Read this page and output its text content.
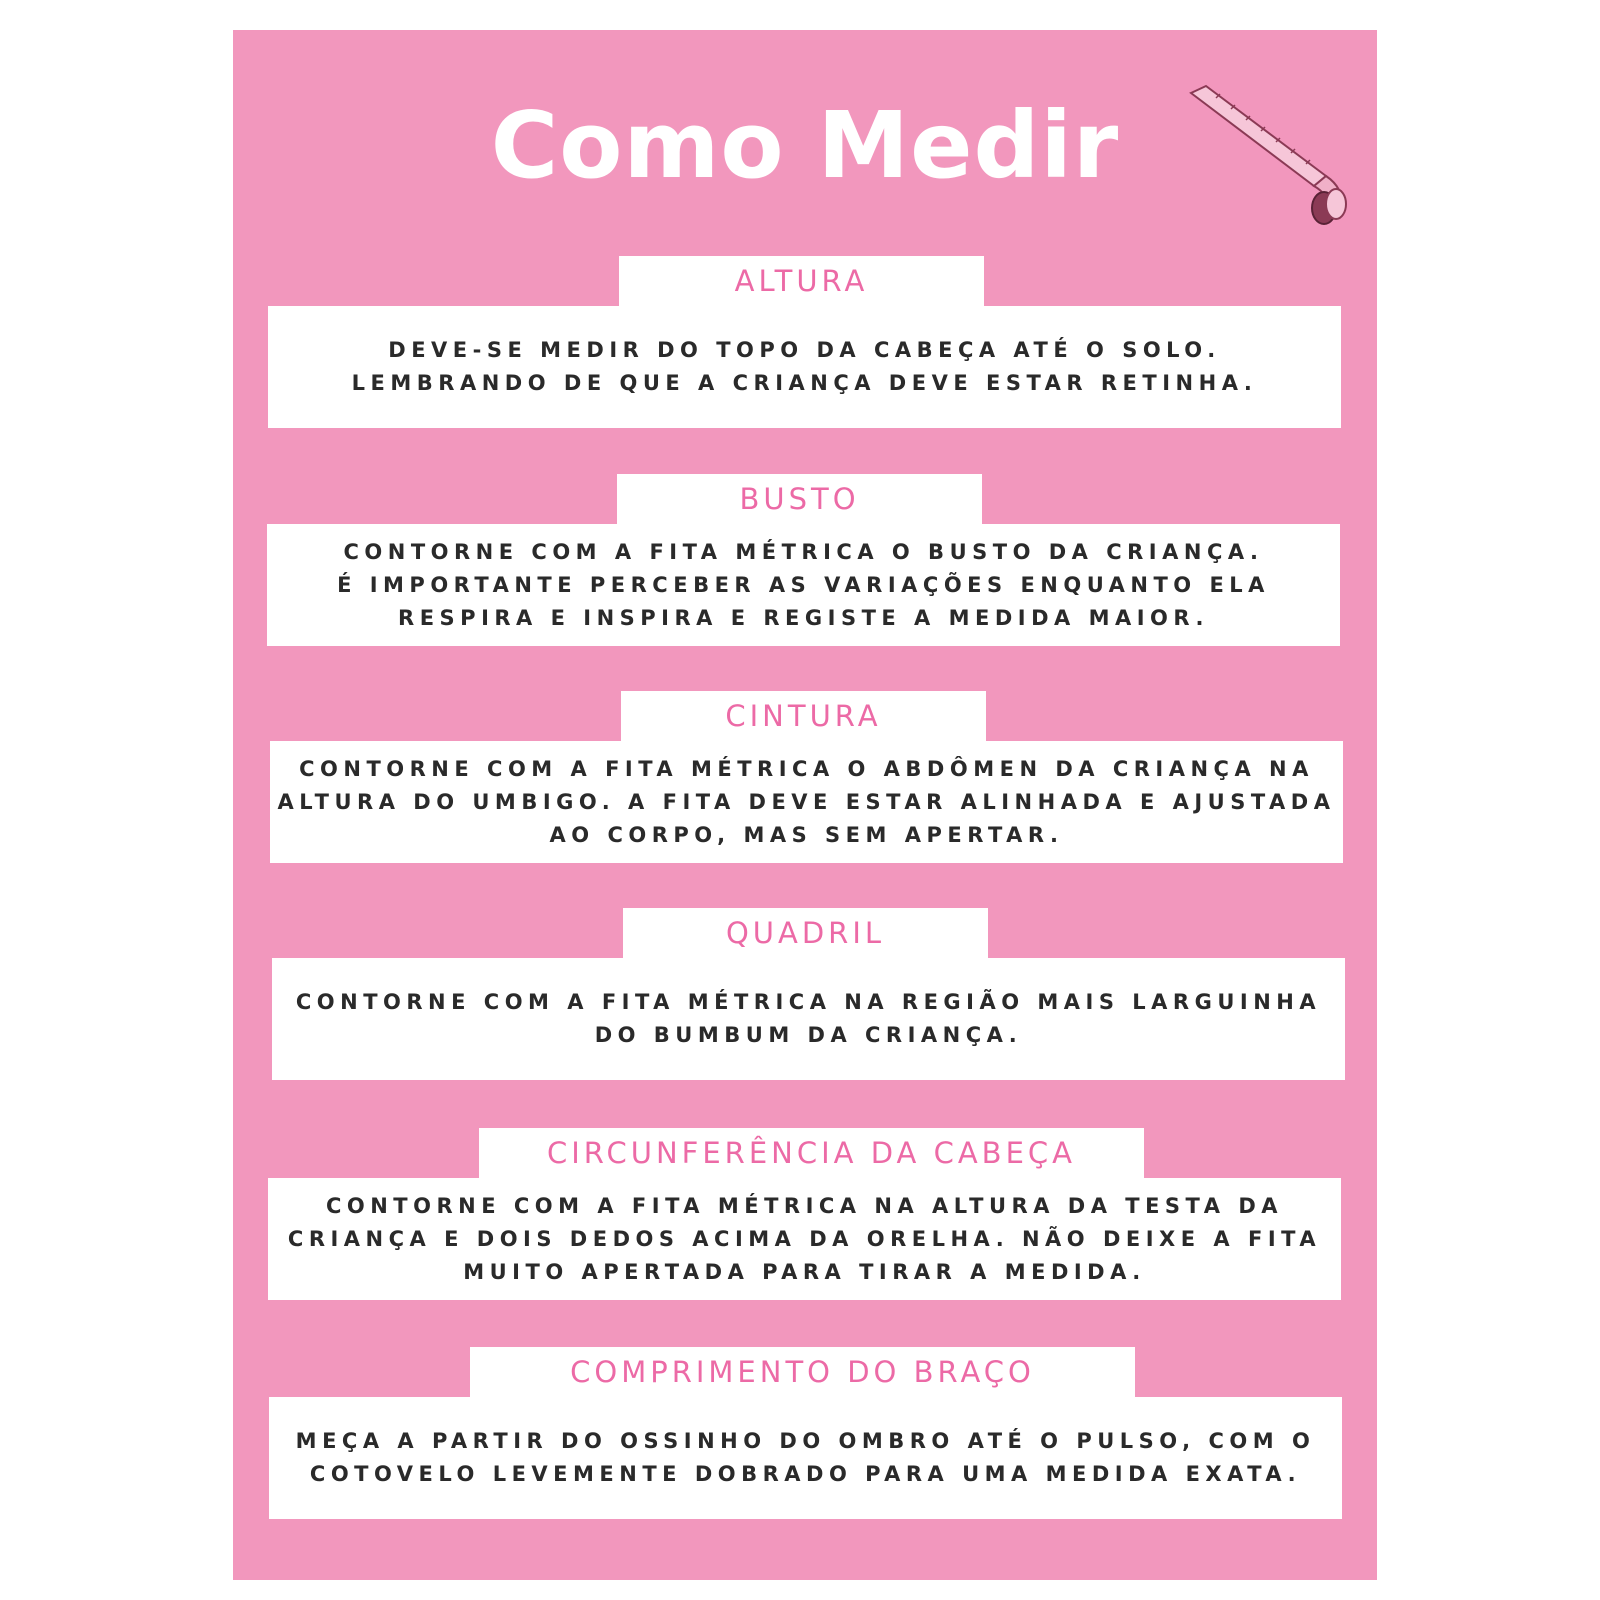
Como Medir
ALTURA
DEVE-SE MEDIR DO TOPO DA CABEÇA ATÉ O SOLO.
LEMBRANDO DE QUE A CRIANÇA DEVE ESTAR RETINHA.
BUSTO
CONTORNE COM A FITA MÉTRICA O BUSTO DA CRIANÇA.
É IMPORTANTE PERCEBER AS VARIAÇÕES ENQUANTO ELA
RESPIRA E INSPIRA E REGISTE A MEDIDA MAIOR.
CINTURA
CONTORNE COM A FITA MÉTRICA O ABDÔMEN DA CRIANÇA NA
ALTURA DO UMBIGO. A FITA DEVE ESTAR ALINHADA E AJUSTADA
AO CORPO, MAS SEM APERTAR.
QUADRIL
CONTORNE COM A FITA MÉTRICA NA REGIÃO MAIS LARGUINHA
DO BUMBUM DA CRIANÇA.
CIRCUNFERÊNCIA DA CABEÇA
CONTORNE COM A FITA MÉTRICA NA ALTURA DA TESTA DA
CRIANÇA E DOIS DEDOS ACIMA DA ORELHA. NÃO DEIXE A FITA
MUITO APERTADA PARA TIRAR A MEDIDA.
COMPRIMENTO DO BRAÇO
MEÇA A PARTIR DO OSSINHO DO OMBRO ATÉ O PULSO, COM O
COTOVELO LEVEMENTE DOBRADO PARA UMA MEDIDA EXATA.
